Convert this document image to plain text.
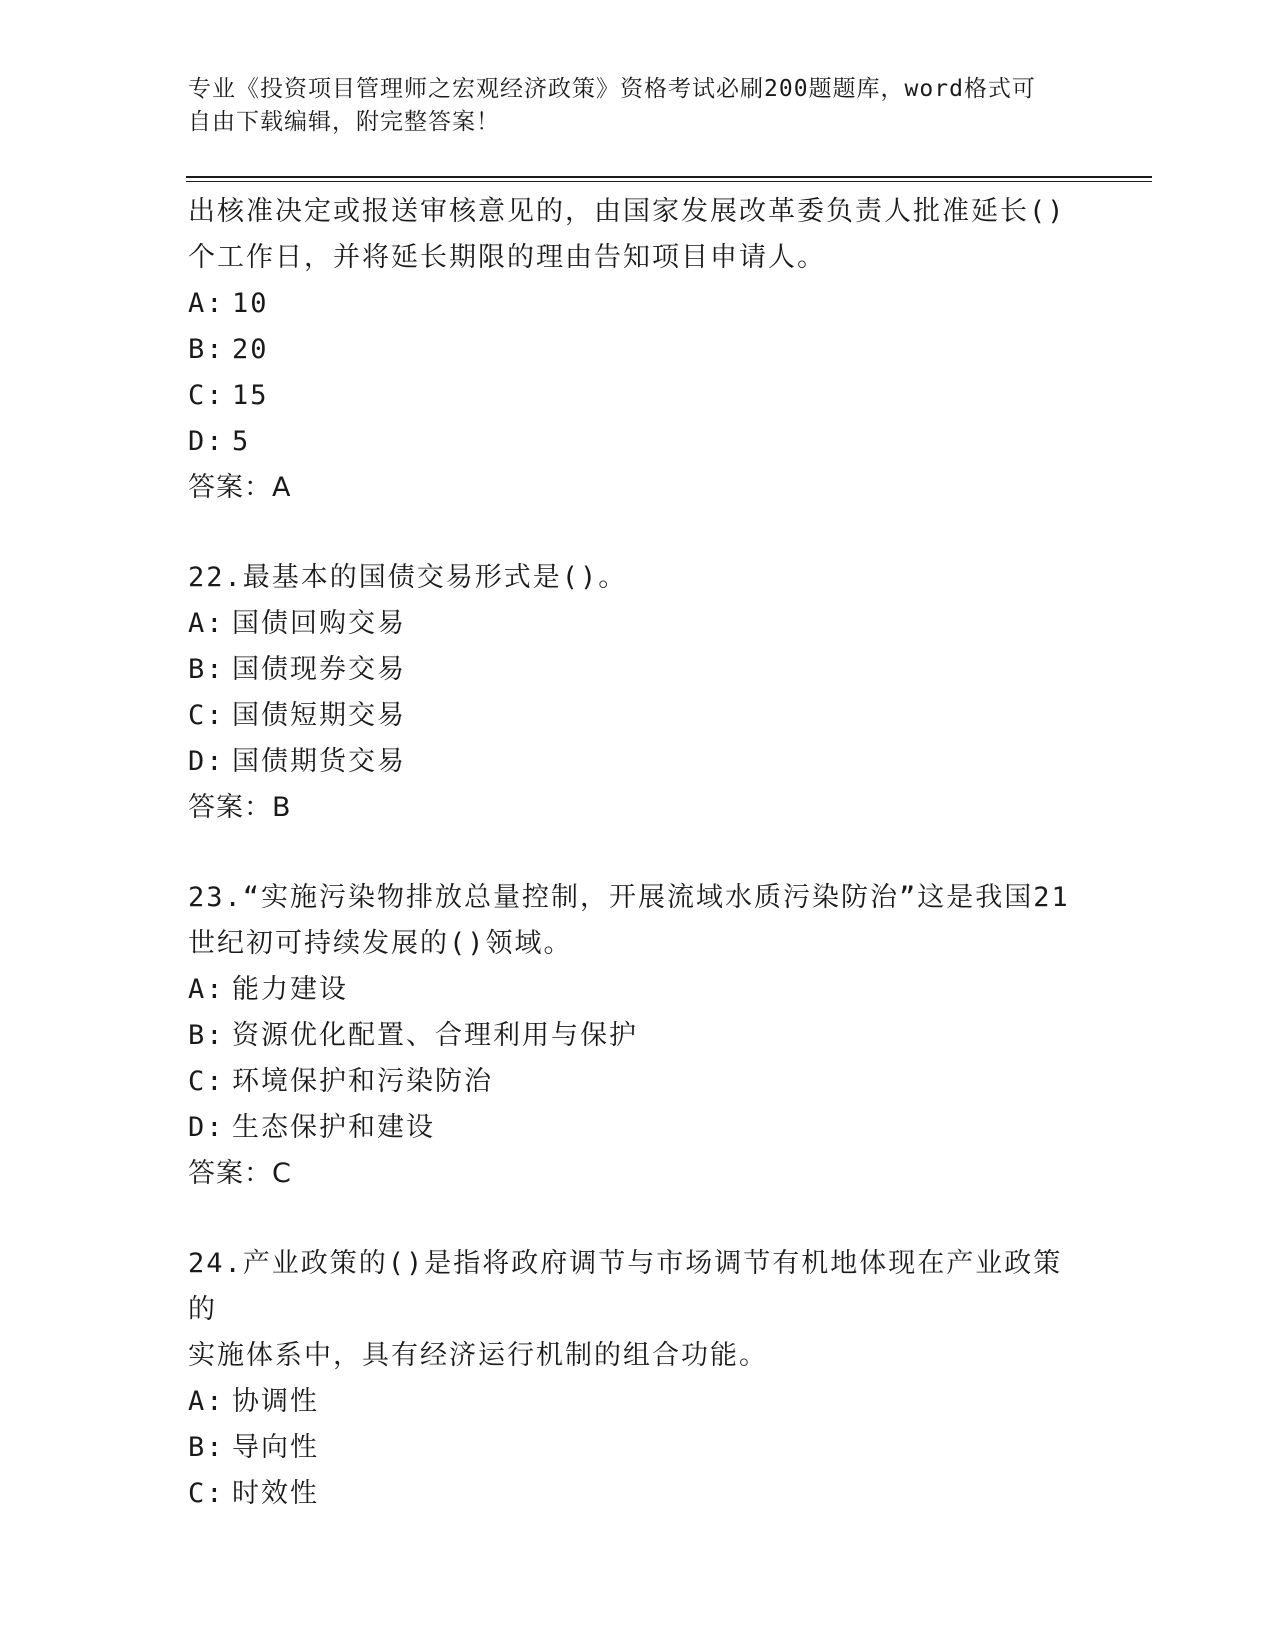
专业《投资项目管理师之宏观经济政策》资格考试必刷200题题库，word格式可
自由下载编辑，附完整答案！

出核准决定或报送审核意见的，由国家发展改革委负责人批准延长()

个工作日，并将延长期限的理由告知项目申请人。

A: 10

B: 20

C: 15

D: 5

答案：A

22.最基本的国债交易形式是()。

A: 国债回购交易

B: 国债现券交易

C: 国债短期交易

D: 国债期货交易

答案：B

23.“实施污染物排放总量控制，开展流域水质污染防治”这是我国21

世纪初可持续发展的()领域。

A: 能力建设

B: 资源优化配置、合理利用与保护

C: 环境保护和污染防治

D: 生态保护和建设

答案：C

24.产业政策的()是指将政府调节与市场调节有机地体现在产业政策的

实施体系中，具有经济运行机制的组合功能。

A: 协调性

B: 导向性

C: 时效性
